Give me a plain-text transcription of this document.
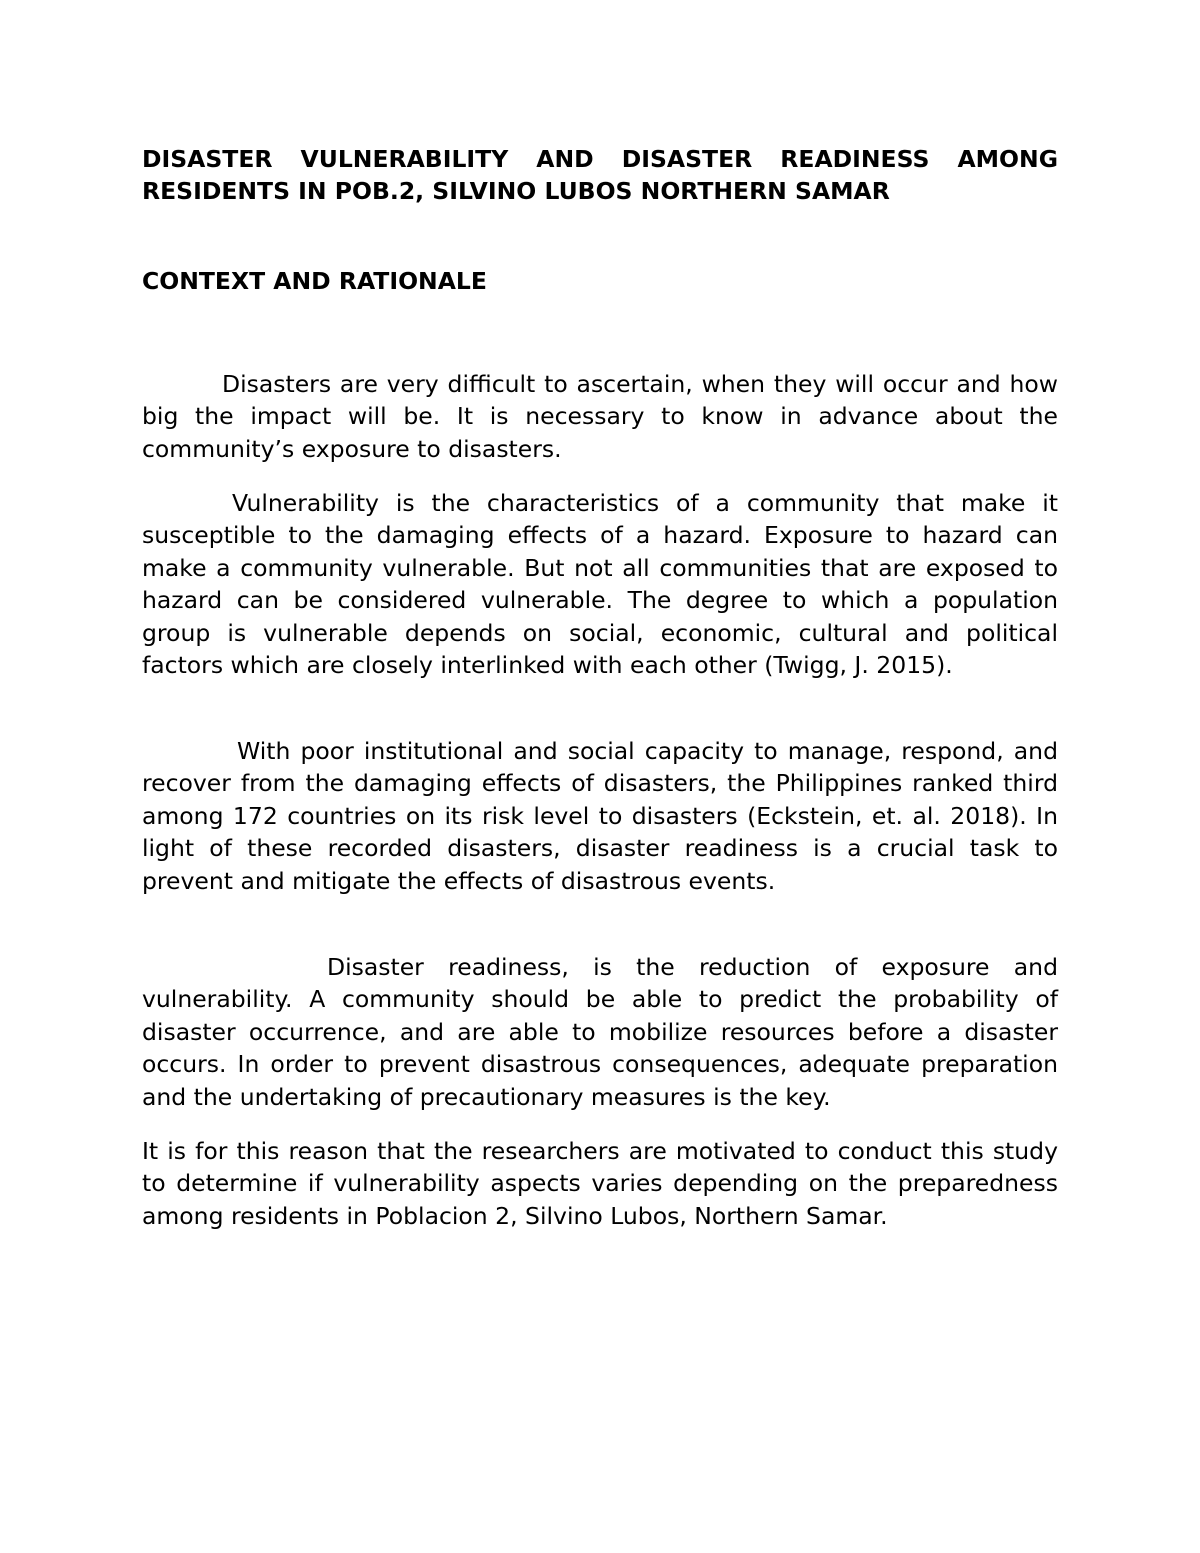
DISASTER VULNERABILITY AND DISASTER READINESS AMONG RESIDENTS IN POB.2, SILVINO LUBOS NORTHERN SAMAR
CONTEXT AND RATIONALE

Disasters are very difficult to ascertain, when they will occur and how big the impact will be. It is necessary to know in advance about the community’s exposure to disasters.

Vulnerability is the characteristics of a community that make it susceptible to the damaging effects of a hazard. Exposure to hazard can make a community vulnerable. But not all communities that are exposed to hazard can be considered vulnerable. The degree to which a population group is vulnerable depends on social, economic, cultural and political factors which are closely interlinked with each other (Twigg, J. 2015).

With poor institutional and social capacity to manage, respond, and recover from the damaging effects of disasters, the Philippines ranked third among 172 countries on its risk level to disasters (Eckstein, et. al. 2018). In light of these recorded disasters, disaster readiness is a crucial task to prevent and mitigate the effects of disastrous events.

Disaster readiness, is the reduction of exposure and vulnerability. A community should be able to predict the probability of disaster occurrence, and are able to mobilize resources before a disaster occurs. In order to prevent disastrous consequences, adequate preparation and the undertaking of precautionary measures is the key.

It is for this reason that the researchers are motivated to conduct this study to determine if vulnerability aspects varies depending on the preparedness among residents in Poblacion 2, Silvino Lubos, Northern Samar.
